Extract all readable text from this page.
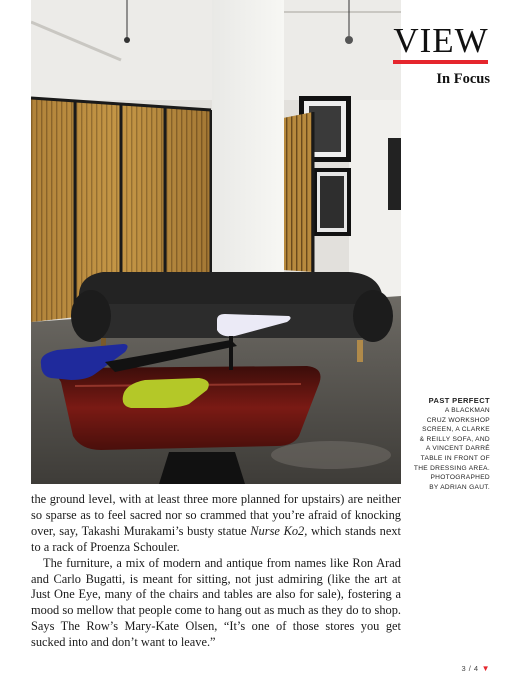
VIEW
In Focus
PAST PERFECT
A BLACKMAN
CRUZ WORKSHOP
SCREEN, A CLARKE
& REILLY SOFA, AND
A VINCENT DARRÉ
TABLE IN FRONT OF
THE DRESSING AREA.
PHOTOGRAPHED
BY ADRIAN GAUT.

the ground level, with at least three more planned for upstairs) are neither so sparse as to feel sacred nor so crammed that you’re afraid of knocking over, say, Takashi Murakami’s busty statue Nurse Ko2, which stands next to a rack of Proenza Schouler.

The furniture, a mix of modern and antique from names like Ron Arad and Carlo Bugatti, is meant for sitting, not just admiring (like the art at Just One Eye, many of the chairs and tables are also for sale), fostering a mood so mellow that people come to hang out as much as they do to shop. Says The Row’s Mary-Kate Olsen, “It’s one of those stores you get sucked into and don’t want to leave.”

3 / 4 ▼
